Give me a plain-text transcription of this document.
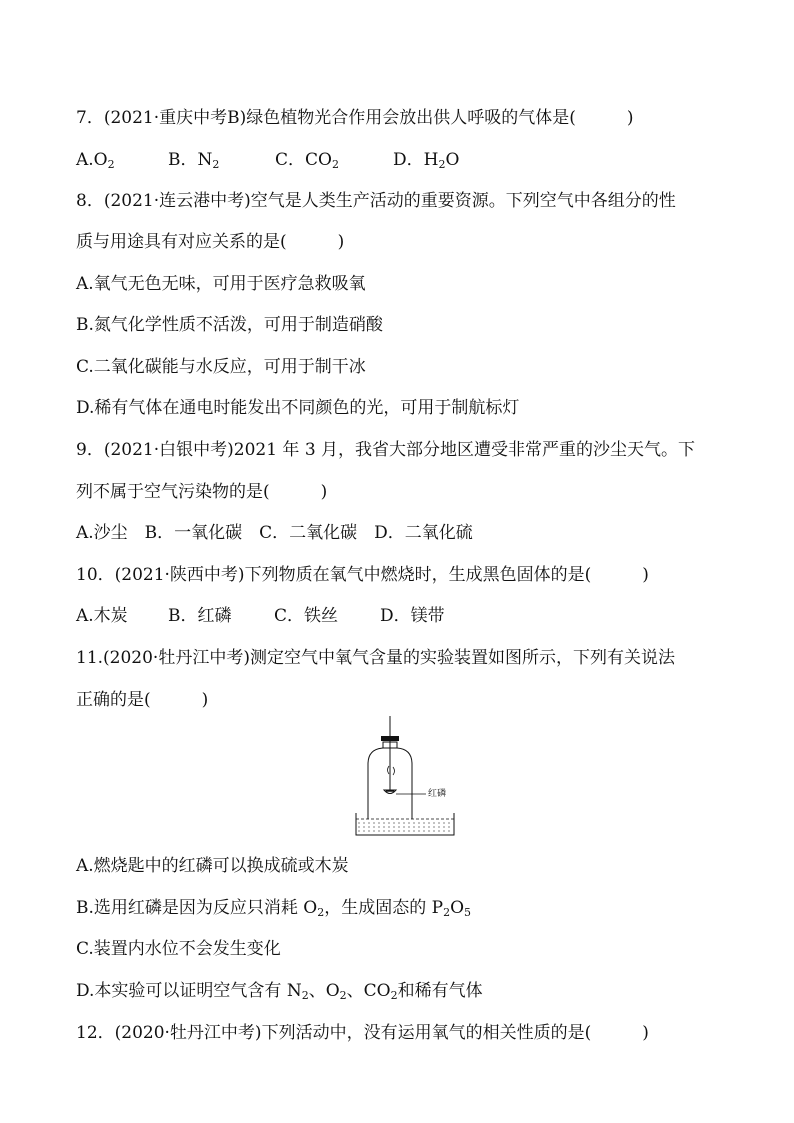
7．(2021·重庆中考B)绿色植物光合作用会放出供人呼吸的气体是(　　　)
$A.O_2$	B．$N_2$	C．$CO_2$	D．$H_2O$
8．(2021·连云港中考)空气是人类生产活动的重要资源。下列空气中各组分的性
质与用途具有对应关系的是(　　　)
A.氧气无色无味，可用于医疗急救吸氧
B.氮气化学性质不活泼，可用于制造硝酸
C.二氧化碳能与水反应，可用于制干冰
D.稀有气体在通电时能发出不同颜色的光，可用于制航标灯
9．(2021·白银中考)2021 年 3 月，我省大部分地区遭受非常严重的沙尘天气。下
列不属于空气污染物的是(　　　)
A.沙尘　B．一氧化碳　C．二氧化碳　D．二氧化硫
10．(2021·陕西中考)下列物质在氧气中燃烧时，生成黑色固体的是(　　　)
A.木炭 B．红磷	C．铁丝 D．镁带
11.(2020·牡丹江中考)测定空气中氧气含量的实验装置如图所示，下列有关说法
正确的是(　　　)
红磷
A.燃烧匙中的红磷可以换成硫或木炭
B.选用红磷是因为反应只消耗 $O_2$，生成固态的 $P_2O_5$
C.装置内水位不会发生变化
D.本实验可以证明空气含有 $N_2$、$O_2$、$CO_2$和稀有气体
12．(2020·牡丹江中考)下列活动中，没有运用氧气的相关性质的是(　　　)
